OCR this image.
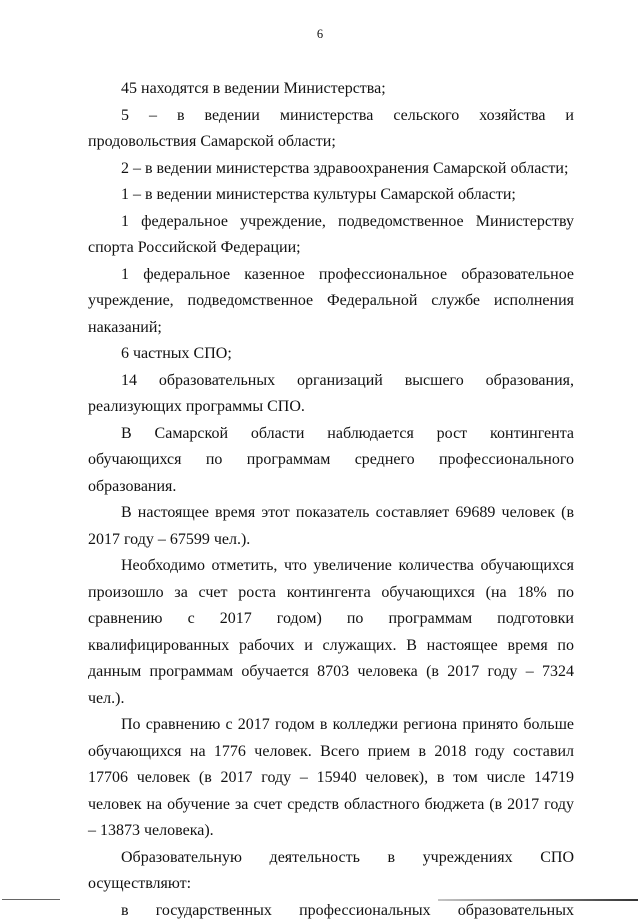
6

45 находятся в ведении Министерства;

5 – в ведении министерства сельского хозяйства и продовольствия Самарской области;

2 – в ведении министерства здравоохранения Самарской области;

1 – в ведении министерства культуры Самарской области;

1 федеральное учреждение, подведомственное Министерству спорта Российской Федерации;

1 федеральное казенное профессиональное образовательное учреждение, подведомственное Федеральной службе исполнения наказаний;

6 частных СПО;

14 образовательных организаций высшего образования, реализующих программы СПО.

В Самарской области наблюдается рост контингента обучающихся по программам среднего профессионального образования.

В настоящее время этот показатель составляет 69689 человек (в 2017 году – 67599 чел.).

Необходимо отметить, что увеличение количества обучающихся произошло за счет роста контингента обучающихся (на 18% по сравнению с 2017 годом) по программам подготовки квалифицированных рабочих и служащих. В настоящее время по данным программам обучается 8703 человека (в 2017 году – 7324 чел.).

По сравнению с 2017 годом в колледжи региона принято больше обучающихся на 1776 человек. Всего прием в 2018 году составил 17706 человек (в 2017 году – 15940 человек), в том числе 14719 человек на обучение за счет средств областного бюджета (в 2017 году – 13873 человека).

Образовательную деятельность в учреждениях СПО осуществляют:

в государственных профессиональных образовательных
